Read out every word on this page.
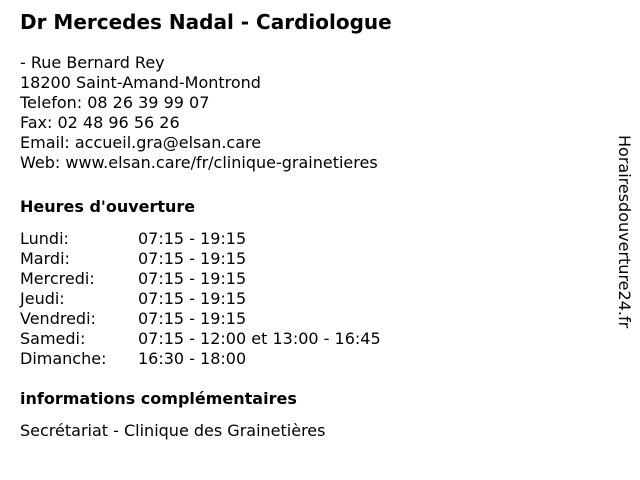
Dr Mercedes Nadal - Cardiologue
- Rue Bernard Rey
18200 Saint-Amand-Montrond
Telefon: 08 26 39 99 07
Fax: 02 48 96 56 26
Email: accueil.gra@elsan.care
Web: www.elsan.care/fr/clinique-grainetieres
Heures d'ouverture
Lundi:	07:15 - 19:15
Mardi:	07:15 - 19:15
Mercredi:	07:15 - 19:15
Jeudi:	07:15 - 19:15
Vendredi:	07:15 - 19:15
Samedi:	07:15 - 12:00 et 13:00 - 16:45
Dimanche: 16:30 - 18:00
informations complémentaires
Secrétariat - Clinique des Grainetières
Horairesdouverture24.fr
